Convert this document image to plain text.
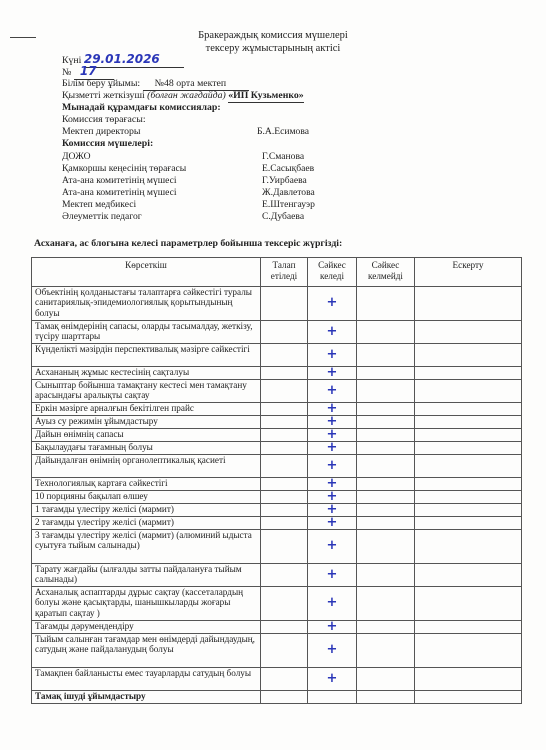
Бракераждық комиссия мүшелері
тексеру жұмыстарының актісі
Күні 29.01.2026
№ 17
Білім беру ұйымы: №48 орта мектеп
Қызметті жеткізуші (болған жағдайда) «ИП Кузьменко»
Мынадай құрамдағы комиссиялар:
Комиссия төрағасы:
Мектеп директоры	Б.А.Есимова
Комиссия мүшелері:
ДОЖО	Г.Сманова
Қамкоршы кеңесінің төрағасы	Е.Сасықбаев
Ата-ана комитетінің мүшесі	Г.Уирбаева
Ата-ана комитетінің мүшесі	Ж.Давлетова
Мектеп медбикесі	Е.Штенгауэр
Әлеуметтік педагог	С.Дубаева
Асханаға, ас блогына келесі параметрлер бойынша тексеріс жүргізді:
Көрсеткіш	Талап етіледі	Сәйкес келеді	Сәйкес келмейді	Ескерту
Объектінің қолданыстағы талаптарға сәйкестігі туралы санитариялық-эпидемиологиялық қорытындының болуы		+		
Тамақ өнімдерінің сапасы, оларды тасымалдау, жеткізу, түсіру шарттары		+		
Күнделікті мәзірдін перспективалық мәзірге сәйкестігі		+		
Асхананың жұмыс кестесінің сақталуы		+		
Сыныптар бойынша тамақтану кестесі мен тамақтану арасындағы аралықты сақтау		+		
Еркін мәзірге арналғын бекітілген прайс		+		
Ауыз су режимін ұйымдастыру		+		
Дайын өнімнің сапасы		+		
Бақылаудағы тағамның болуы		+		
Дайындалған өнімнің органолептикалық қасиеті		+		
Технологиялық картаға сәйкестігі		+		
10 порцияны бақылап өлшеу		+		
1 тағамды үлестіру желісі (мармит)		+		
2 тағамды үлестіру желісі (мармит)		+		
3 тағамды үлестіру желісі (мармит) (алюминий ыдыста суытуға тыйым салынады)		+		
Тарату жағдайы (ылғалды затты пайдалануға тыйым салынады)		+		
Асханалық аспаптарды дұрыс сақтау (кассеталардың болуы және қасықтарды, шанышкыларды жоғары қaратып сақтау )		+		
Тағамды дәрумендендіру		+		
Тыйым салынған тағамдар мен өнімдерді дайындаудың, сатудың және пайдаланудың болуы		+		
Тамақпен байланысты емес тауарларды сатудың болуы		+		
Тамақ ішуді ұйымдастыру				
